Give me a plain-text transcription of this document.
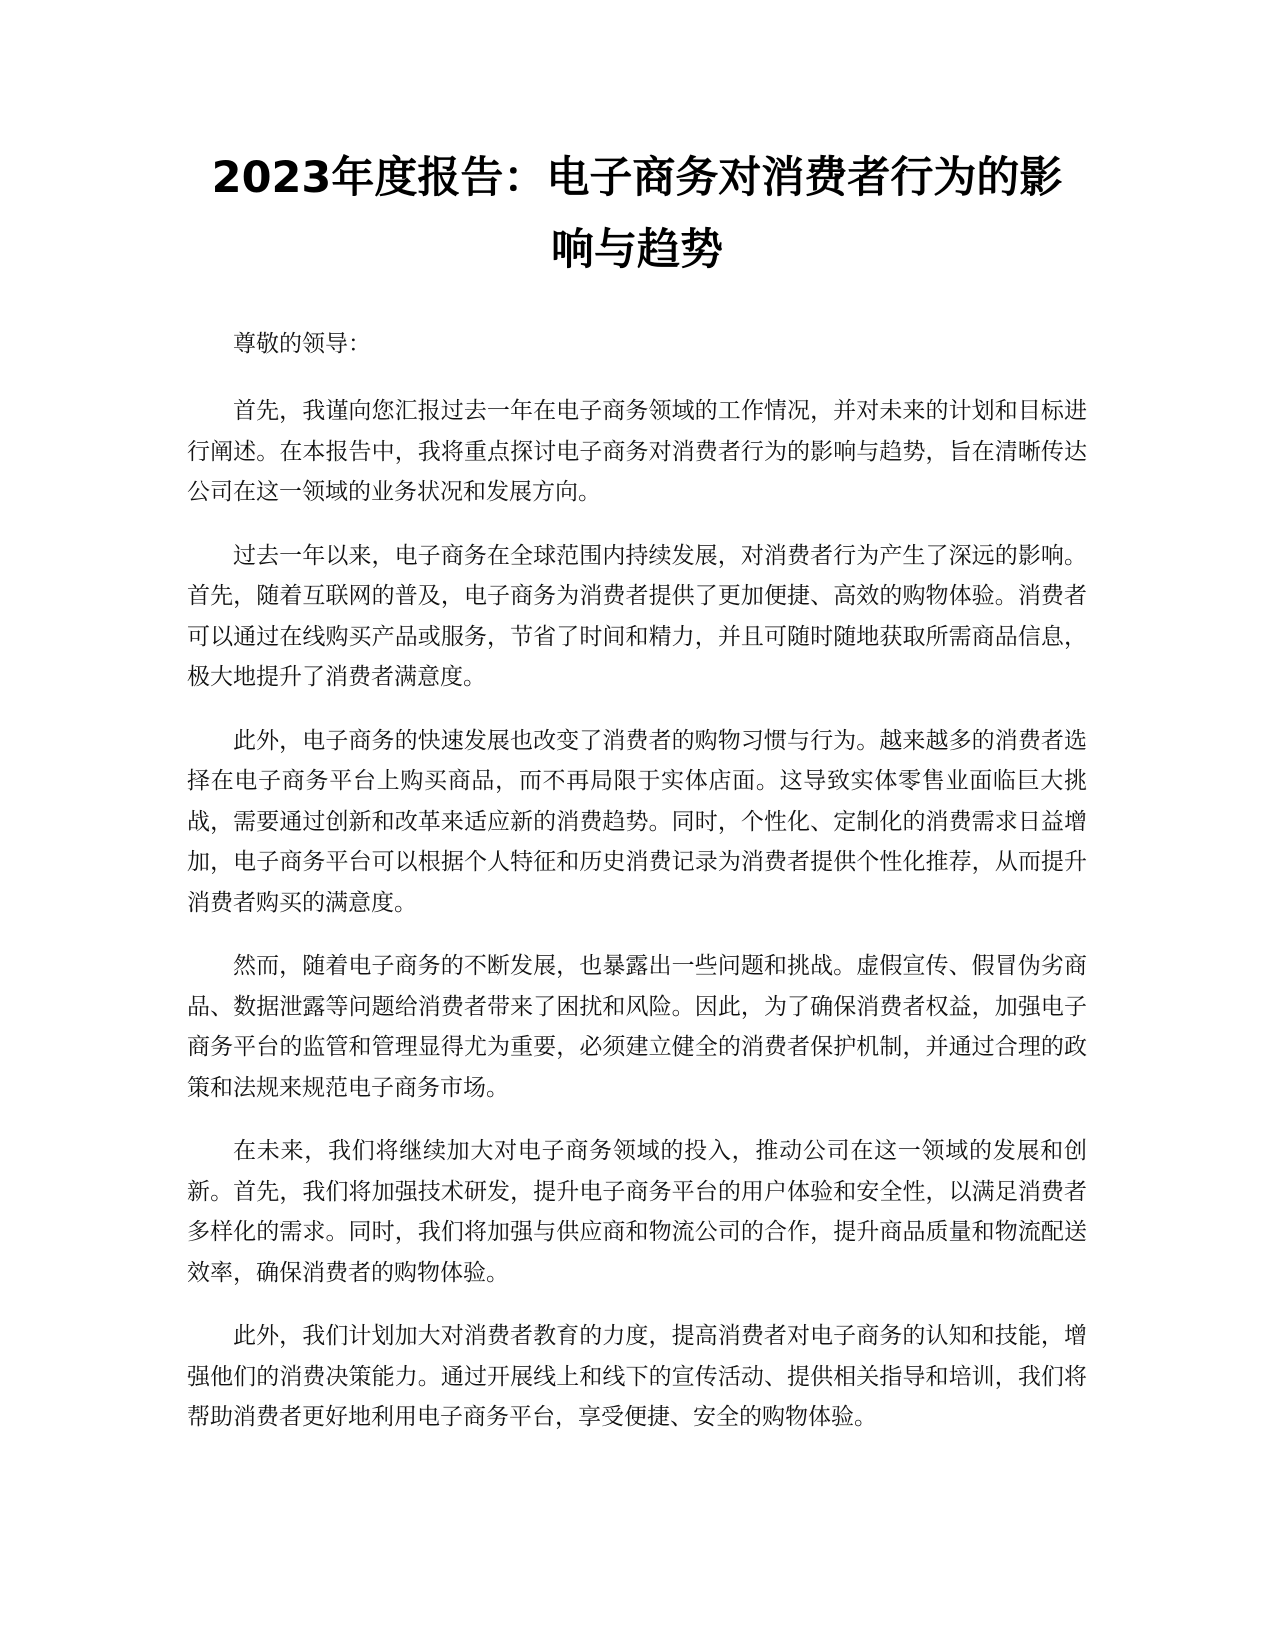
2023年度报告：电子商务对消费者行为的影
响与趋势

尊敬的领导：

首先，我谨向您汇报过去一年在电子商务领域的工作情况，并对未来的计划和目标进行阐述。在本报告中，我将重点探讨电子商务对消费者行为的影响与趋势，旨在清晰传达公司在这一领域的业务状况和发展方向。

过去一年以来，电子商务在全球范围内持续发展，对消费者行为产生了深远的影响。首先，随着互联网的普及，电子商务为消费者提供了更加便捷、高效的购物体验。消费者可以通过在线购买产品或服务，节省了时间和精力，并且可随时随地获取所需商品信息，极大地提升了消费者满意度。

此外，电子商务的快速发展也改变了消费者的购物习惯与行为。越来越多的消费者选择在电子商务平台上购买商品，而不再局限于实体店面。这导致实体零售业面临巨大挑战，需要通过创新和改革来适应新的消费趋势。同时，个性化、定制化的消费需求日益增加，电子商务平台可以根据个人特征和历史消费记录为消费者提供个性化推荐，从而提升消费者购买的满意度。

然而，随着电子商务的不断发展，也暴露出一些问题和挑战。虚假宣传、假冒伪劣商品、数据泄露等问题给消费者带来了困扰和风险。因此，为了确保消费者权益，加强电子商务平台的监管和管理显得尤为重要，必须建立健全的消费者保护机制，并通过合理的政策和法规来规范电子商务市场。

在未来，我们将继续加大对电子商务领域的投入，推动公司在这一领域的发展和创新。首先，我们将加强技术研发，提升电子商务平台的用户体验和安全性，以满足消费者多样化的需求。同时，我们将加强与供应商和物流公司的合作，提升商品质量和物流配送效率，确保消费者的购物体验。

此外，我们计划加大对消费者教育的力度，提高消费者对电子商务的认知和技能，增强他们的消费决策能力。通过开展线上和线下的宣传活动、提供相关指导和培训，我们将帮助消费者更好地利用电子商务平台，享受便捷、安全的购物体验。
